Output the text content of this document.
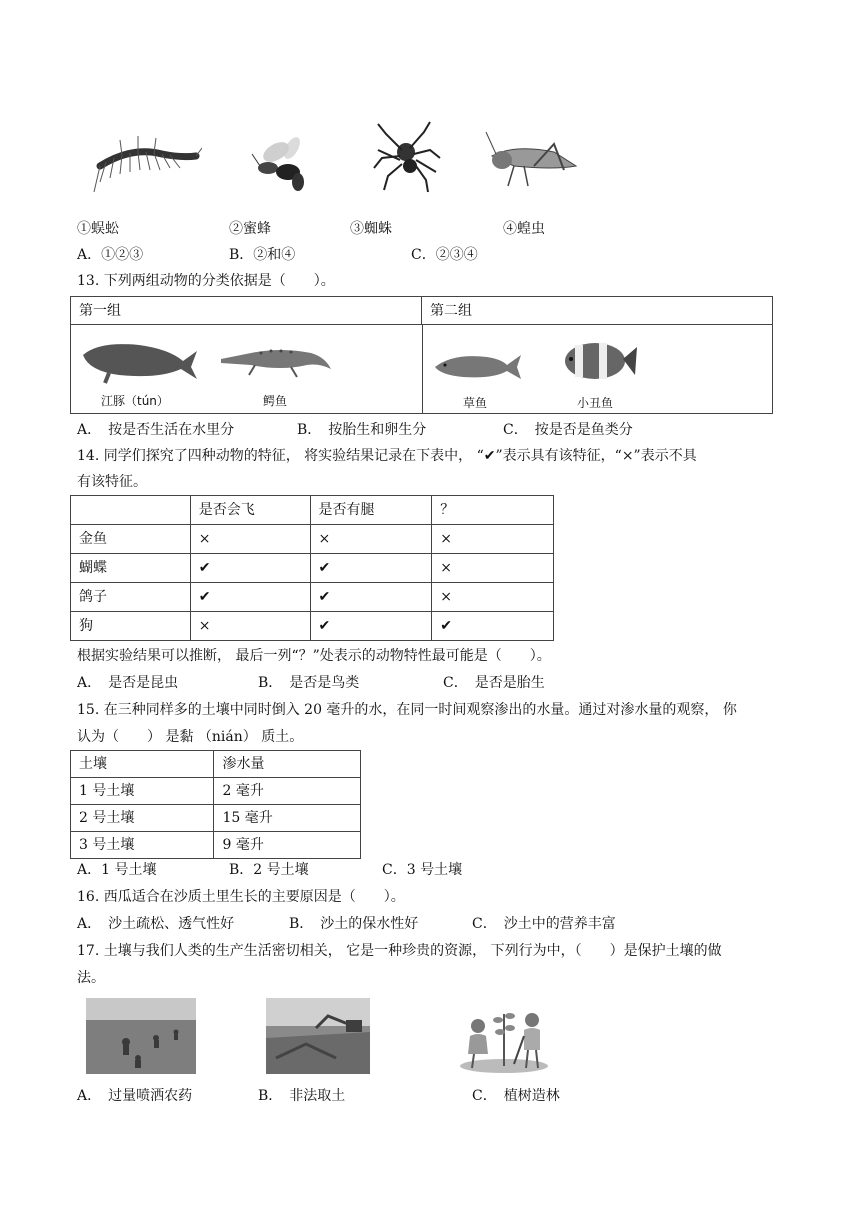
①蜈蚣	②蜜蜂	③蜘蛛	④蝗虫
A．①②③	B．②和④	C．②③④
13. 下列两组动物的分类依据是（　　）。
第一组	第二组
江豚（tún）	鳄鱼	草鱼	小丑鱼
A．　按是否生活在水里分	B．　按胎生和卵生分	C．　按是否是鱼类分
14. 同学们探究了四种动物的特征， 将实验结果记录在下表中， “✔”表示具有该特征，“×”表示不具
有该特征。
	是否会飞	是否有腿	？
金鱼	×	×	×
蝴蝶	✔	✔	×
鸽子	✔	✔	×
狗	×	✔	✔
根据实验结果可以推断， 最后一列“？”处表示的动物特性最可能是（　　）。
A．　是否是昆虫	B．　是否是鸟类	C．　是否是胎生
15. 在三种同样多的土壤中同时倒入 20 毫升的水，在同一时间观察渗出的水量。通过对渗水量的观察， 你
认为（　　） 是黏 （nián） 质土。
土壤	渗水量
1 号土壤	2 毫升
2 号土壤	15 毫升
3 号土壤	9 毫升
A．1 号土壤	B．2 号土壤	C．3 号土壤
16. 西瓜适合在沙质土里生长的主要原因是（　　）。
A．　沙土疏松、透气性好	B．　沙土的保水性好	C．　沙土中的营养丰富
17. 土壤与我们人类的生产生活密切相关， 它是一种珍贵的资源， 下列行为中，（　　）是保护土壤的做
法。
A．　过量喷洒农药	B．　非法取土	C．　植树造林
